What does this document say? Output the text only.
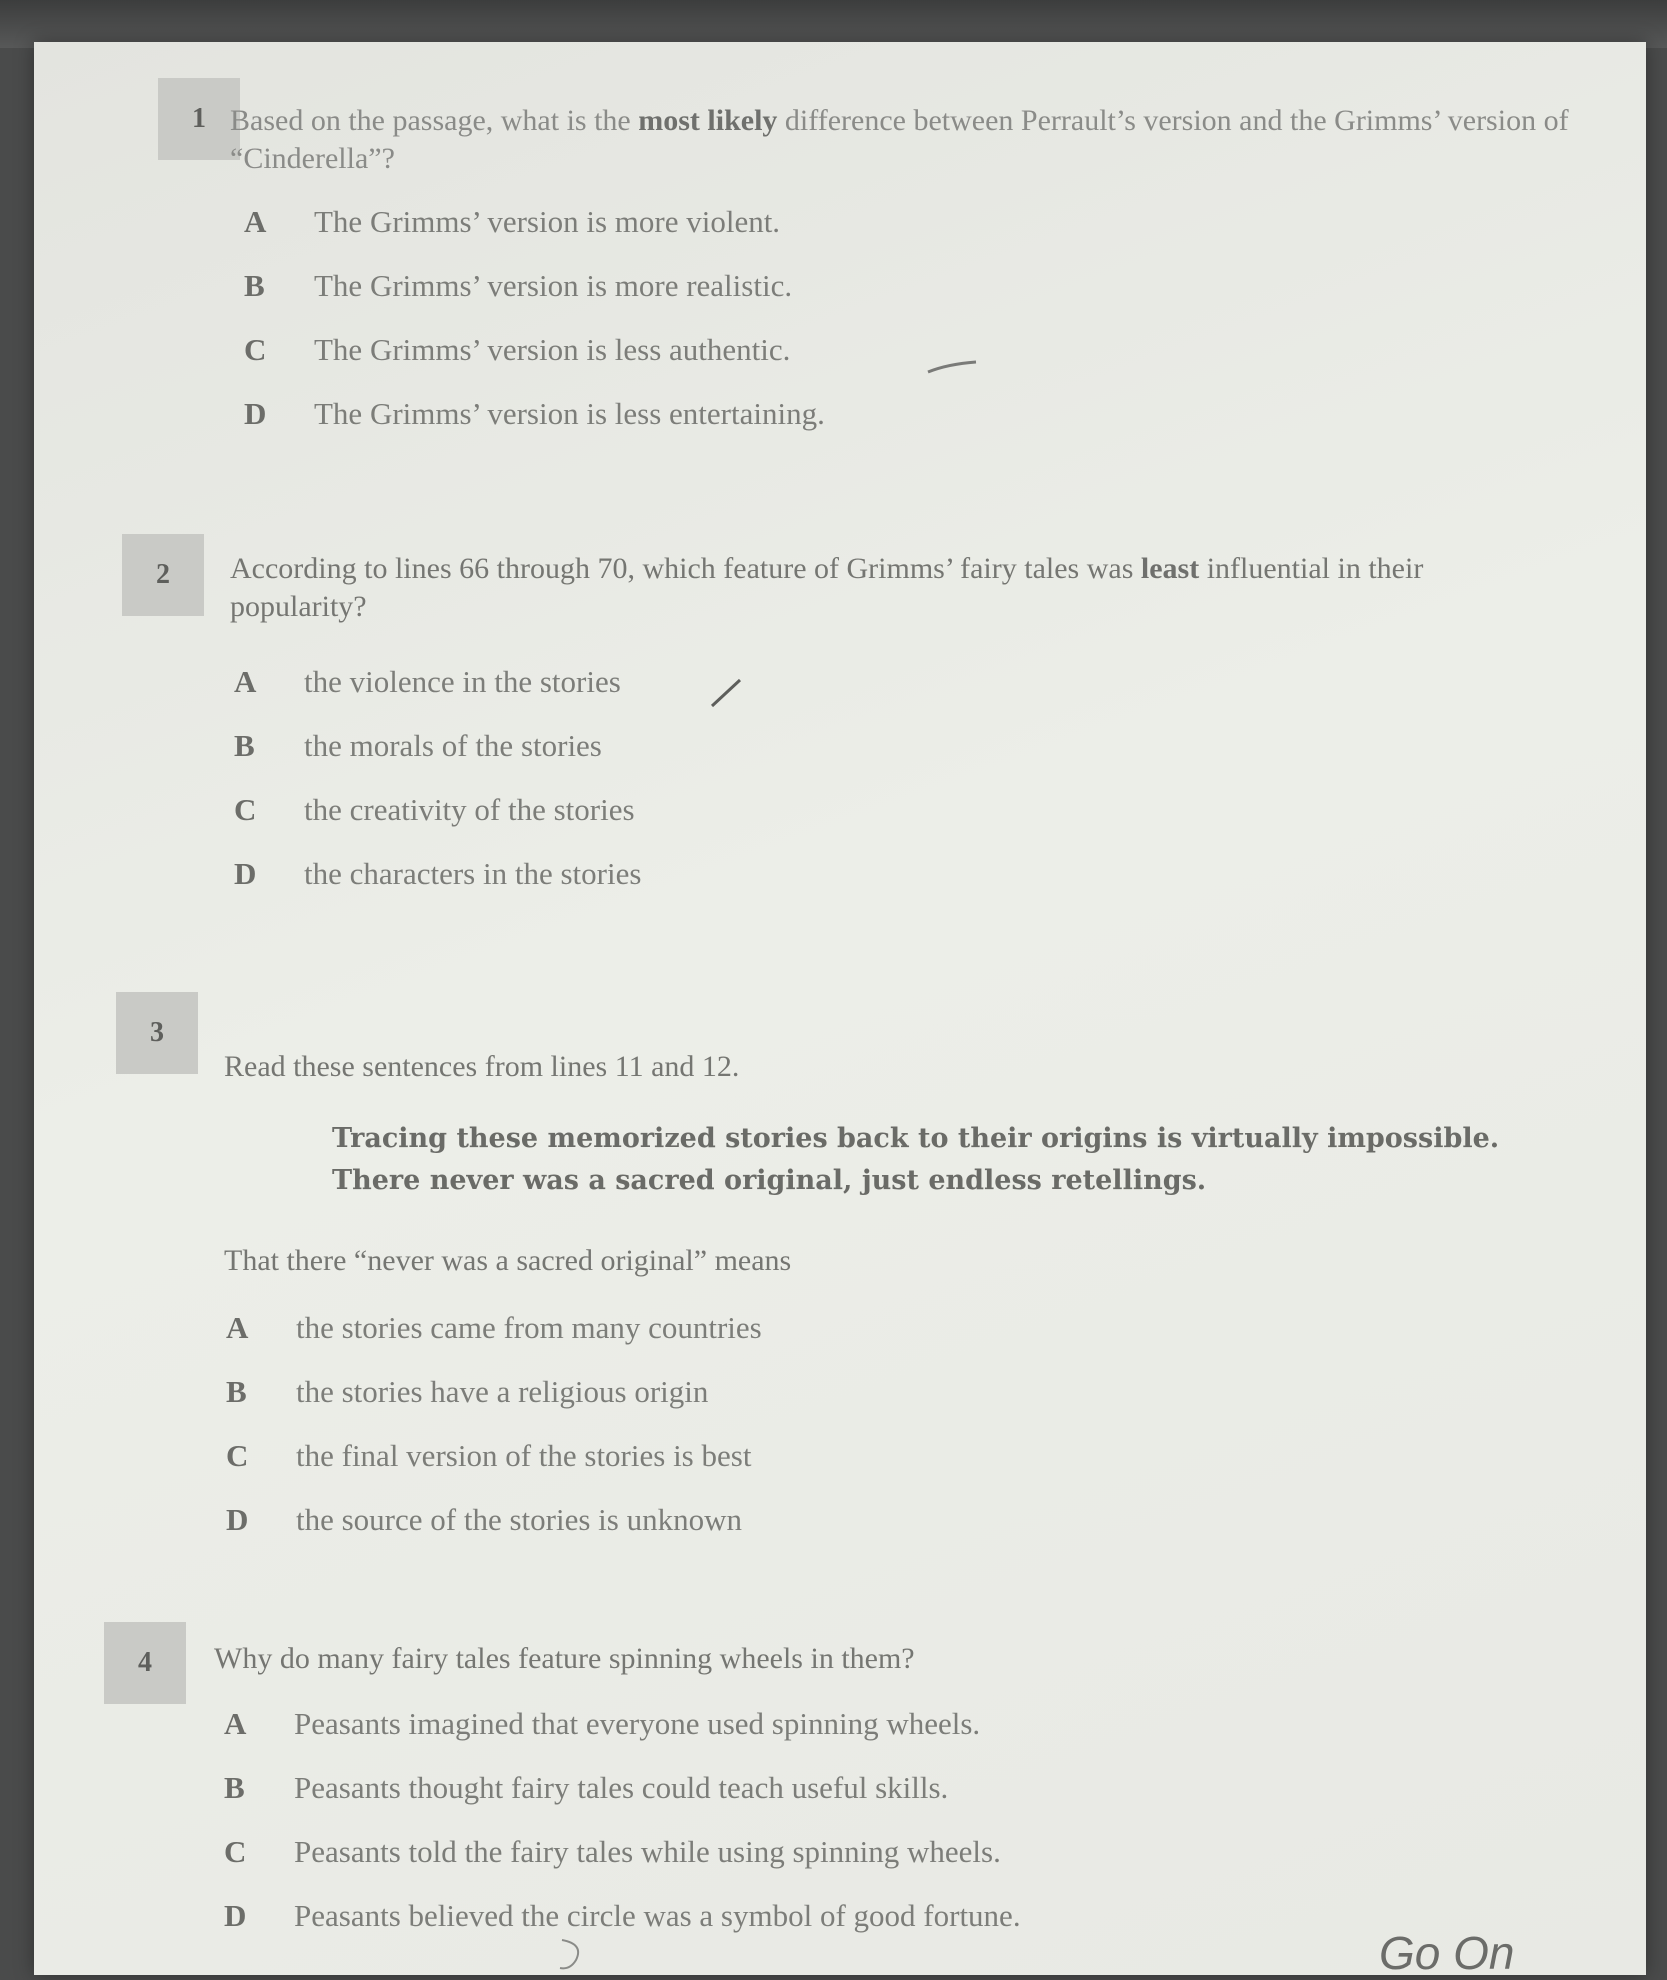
1 Based on the passage, what is the most likely difference between Perrault’s version and the Grimms’ version of “Cinderella”?
A The Grimms’ version is more violent.
B The Grimms’ version is more realistic.
C The Grimms’ version is less authentic.
D The Grimms’ version is less entertaining.
2 According to lines 66 through 70, which feature of Grimms’ fairy tales was least influential in their popularity?
A the violence in the stories
B the morals of the stories
C the creativity of the stories
D the characters in the stories
3
Read these sentences from lines 11 and 12.
Tracing these memorized stories back to their origins is virtually impossible.
There never was a sacred original, just endless retellings.
That there “never was a sacred original” means
A the stories came from many countries
B the stories have a religious origin
C the final version of the stories is best
D the source of the stories is unknown
4 Why do many fairy tales feature spinning wheels in them?
A Peasants imagined that everyone used spinning wheels.
B Peasants thought fairy tales could teach useful skills.
C Peasants told the fairy tales while using spinning wheels.
D Peasants believed the circle was a symbol of good fortune.
Go On
